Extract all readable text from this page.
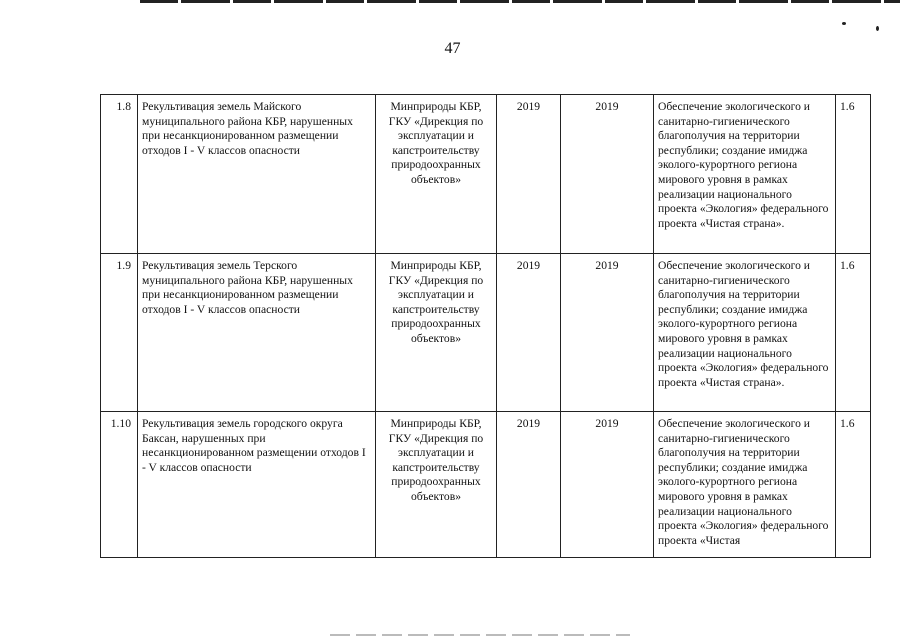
47
1.8	Рекультивация земель Майского муниципального района КБР, нарушенных при несанкционированном размещении отходов I - V классов опасности	Минприроды КБР, ГКУ «Дирекция по эксплуатации и капстроительству природоохранных объектов»	2019	2019	Обеспечение экологического и санитарно-гигиенического благополучия на территории республики; создание имиджа эколого-курортного региона мирового уровня в рамках реализации национального проекта «Экология» федерального проекта «Чистая страна».	1.6
1.9	Рекультивация земель Терского муниципального района КБР, нарушенных при несанкционированном размещении отходов I - V классов опасности	Минприроды КБР, ГКУ «Дирекция по эксплуатации и капстроительству природоохранных объектов»	2019	2019	Обеспечение экологического и санитарно-гигиенического благополучия на территории республики; создание имиджа эколого-курортного региона мирового уровня в рамках реализации национального проекта «Экология» федерального проекта «Чистая страна».	1.6
1.10	Рекультивация земель городского округа Баксан, нарушенных при несанкционированном размещении отходов I - V классов опасности	Минприроды КБР, ГКУ «Дирекция по эксплуатации и капстроительству природоохранных объектов»	2019	2019	Обеспечение экологического и санитарно-гигиенического благополучия на территории республики; создание имиджа эколого-курортного региона мирового уровня в рамках реализации национального проекта «Экология» федерального проекта «Чистая	1.6
